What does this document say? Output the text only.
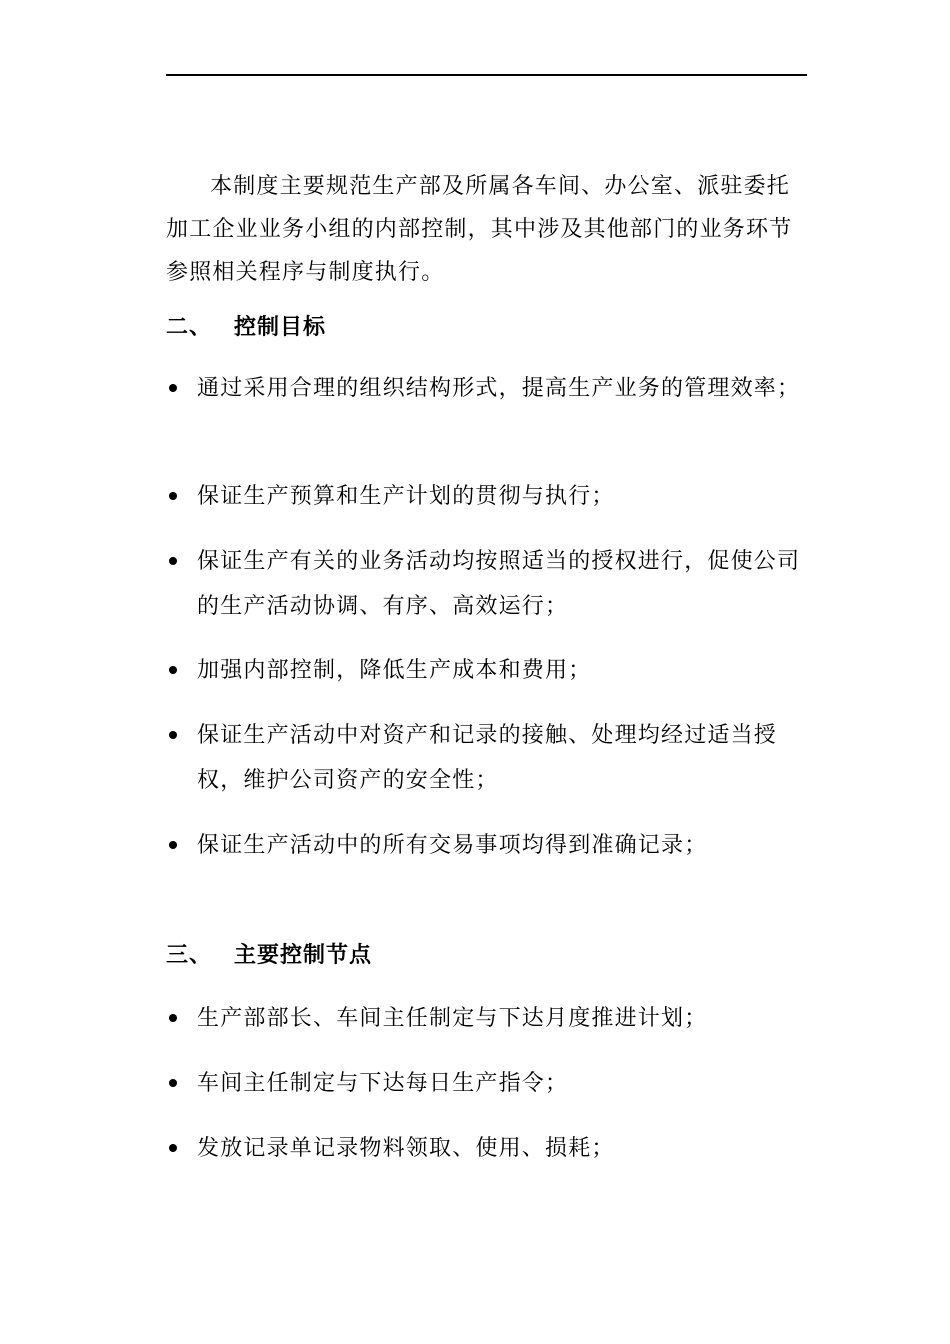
本制度主要规范生产部及所属各车间、办公室、派驻委托加工企业业务小组的内部控制，其中涉及其他部门的业务环节参照相关程序与制度执行。

二、 控制目标
通过采用合理的组织结构形式，提高生产业务的管理效率；
保证生产预算和生产计划的贯彻与执行；
保证生产有关的业务活动均按照适当的授权进行，促使公司的生产活动协调、有序、高效运行；
加强内部控制，降低生产成本和费用；
保证生产活动中对资产和记录的接触、处理均经过适当授权，维护公司资产的安全性；
保证生产活动中的所有交易事项均得到准确记录；
三、 主要控制节点
生产部部长、车间主任制定与下达月度推进计划；
车间主任制定与下达每日生产指令；
发放记录单记录物料领取、使用、损耗；
